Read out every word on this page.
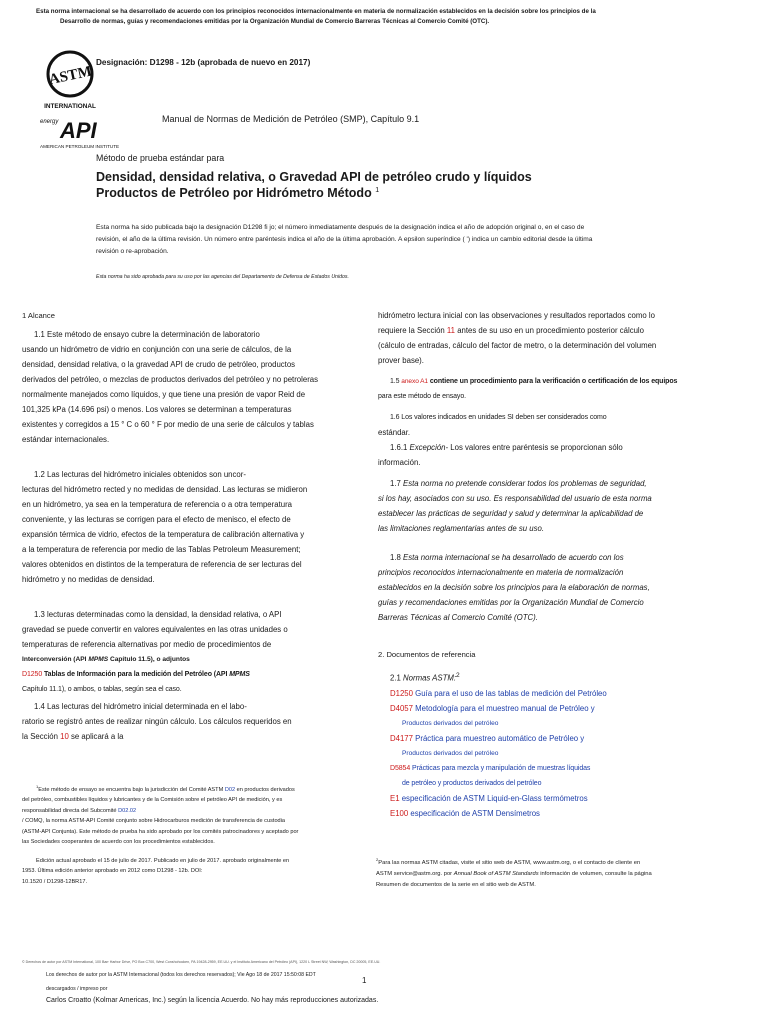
Esta norma internacional se ha desarrollado de acuerdo con los principios reconocidos internacionalmente en materia de normalización establecidos en la decisión sobre los principios de la
Desarrollo de normas, guías y recomendaciones emitidas por la Organización Mundial de Comercio Barreras Técnicas al Comercio Comité (OTC).
ASTM
INTERNATIONAL
energy API
AMERICAN PETROLEUM INSTITUTE
Designación: D1298 - 12b (aprobada de nuevo en 2017)
Manual de Normas de Medición de Petróleo (SMP), Capítulo 9.1
Método de prueba estándar para
Densidad, densidad relativa, o Gravedad API de petróleo crudo y líquidos
Productos de Petróleo por Hidrómetro Método $^1$
Esta norma ha sido publicada bajo la designación D1298 fi jo; el número inmediatamente después de la designación indica el año de adopción original o, en el caso de
revisión, el año de la última revisión. Un número entre paréntesis indica el año de la última aprobación. A epsilon superíndice ( ') indica un cambio editorial desde la última
revisión o re-aprobación.
Esta norma ha sido aprobada para su uso por las agencias del Departamento de Defensa de Estados Unidos.

1 Alcance

1.1 Este método de ensayo cubre la determinación de laboratorio

usando un hidrómetro de vidrio en conjunción con una serie de cálculos, de la

densidad, densidad relativa, o la gravedad API de crudo de petróleo, productos

derivados del petróleo, o mezclas de productos derivados del petróleo y no petroleras

normalmente manejados como líquidos, y que tiene una presión de vapor Reid de

101,325 kPa (14.696 psi) o menos. Los valores se determinan a temperaturas

existentes y corregidos a 15 ° C o 60 ° F por medio de una serie de cálculos y tablas

estándar internacionales.

1.2 Las lecturas del hidrómetro iniciales obtenidos son uncor-

lecturas del hidrómetro rected y no medidas de densidad. Las lecturas se midieron

en un hidrómetro, ya sea en la temperatura de referencia o a otra temperatura

conveniente, y las lecturas se corrigen para el efecto de menisco, el efecto de

expansión térmica de vidrio, efectos de la temperatura de calibración alternativa y

a la temperatura de referencia por medio de las Tablas Petroleum Measurement;

valores obtenidos en distintos de la temperatura de referencia de ser lecturas del

hidrómetro y no medidas de densidad.

1.3 lecturas determinadas como la densidad, la densidad relativa, o API

gravedad se puede convertir en valores equivalentes en las otras unidades o

temperaturas de referencia alternativas por medio de procedimientos de

Interconversión (API MPMS Capítulo 11.5), o adjuntos

D1250 Tablas de Información para la medición del Petróleo (API MPMS

Capítulo 11.1), o ambos, o tablas, según sea el caso.

1.4 Las lecturas del hidrómetro inicial determinada en el labo-

ratorio se registró antes de realizar ningún cálculo. Los cálculos requeridos en

la Sección 10 se aplicará a la

hidrómetro lectura inicial con las observaciones y resultados reportados como lo

requiere la Sección 11 antes de su uso en un procedimiento posterior cálculo

(cálculo de entradas, cálculo del factor de metro, o la determinación del volumen

prover base).

1.5 anexo A1 contiene un procedimiento para la verificación o certificación de los equipos

para este método de ensayo.

1.6 Los valores indicados en unidades SI deben ser considerados como

estándar.

1.6.1 Excepción- Los valores entre paréntesis se proporcionan sólo

información.

1.7 Esta norma no pretende considerar todos los problemas de seguridad,

si los hay, asociados con su uso. Es responsabilidad del usuario de esta norma

establecer las prácticas de seguridad y salud y determinar la aplicabilidad de

las limitaciones reglamentarias antes de su uso.

1.8 Esta norma internacional se ha desarrollado de acuerdo con los

principios reconocidos internacionalmente en materia de normalización

establecidos en la decisión sobre los principios para la elaboración de normas,

guías y recomendaciones emitidas por la Organización Mundial de Comercio

Barreras Técnicas al Comercio Comité (OTC).

2. Documentos de referencia

2.1 Normas ASTM:$^2$

D1250 Guía para el uso de las tablas de medición del Petróleo

D4057 Metodología para el muestreo manual de Petróleo y

Productos derivados del petróleo

D4177 Práctica para muestreo automático de Petróleo y

Productos derivados del petróleo

D5854 Prácticas para mezcla y manipulación de muestras líquidas

de petróleo y productos derivados del petróleo

E1 especificación de ASTM Liquid-en-Glass termómetros

E100 especificación de ASTM Densímetros

$^1$Este método de ensayo se encuentra bajo la jurisdicción del Comité ASTM D02 en productos derivados
del petróleo, combustibles líquidos y lubricantes y de la Comisión sobre el petróleo API de medición, y es
responsabilidad directa del Subcomité D02.02
/ COMQ, la norma ASTM-API Comité conjunto sobre Hidrocarburos medición de transferencia de custodia
(ASTM-API Conjunta). Este método de prueba ha sido aprobado por los comités patrocinadores y aceptado por
las Sociedades cooperantes de acuerdo con los procedimientos establecidos.
Edición actual aprobado el 15 de julio de 2017. Publicado en julio de 2017. aprobado originalmente en
1953. Última edición anterior aprobado en 2012 como D1298 - 12b. DOI:
10.1520 / D1298-12BR17.
$^2$Para las normas ASTM citadas, visite el sitio web de ASTM, www.astm.org, o el contacto de cliente en
ASTM service@astm.org. por Annual Book of ASTM Standards información de volumen, consulte la página
Resumen de documentos de la serie en el sitio web de ASTM.
© Derechos de autor por ASTM International, 100 Barr Harbor Drive, PO Box C700, West Conshohocken, PA 19428-2959, EE.UU. y el Instituto Americano del Petróleo (API), 1220 L Street NW, Washington, DC 20005, EE.UU.
Los derechos de autor por la ASTM Internacional (todos los derechos reservados); Vie Ago 18 de 2017 15:50:08 EDT
1
descargados / impreso por
Carlos Croatto (Kolmar Americas, Inc.) según la licencia Acuerdo. No hay más reproducciones autorizadas.
